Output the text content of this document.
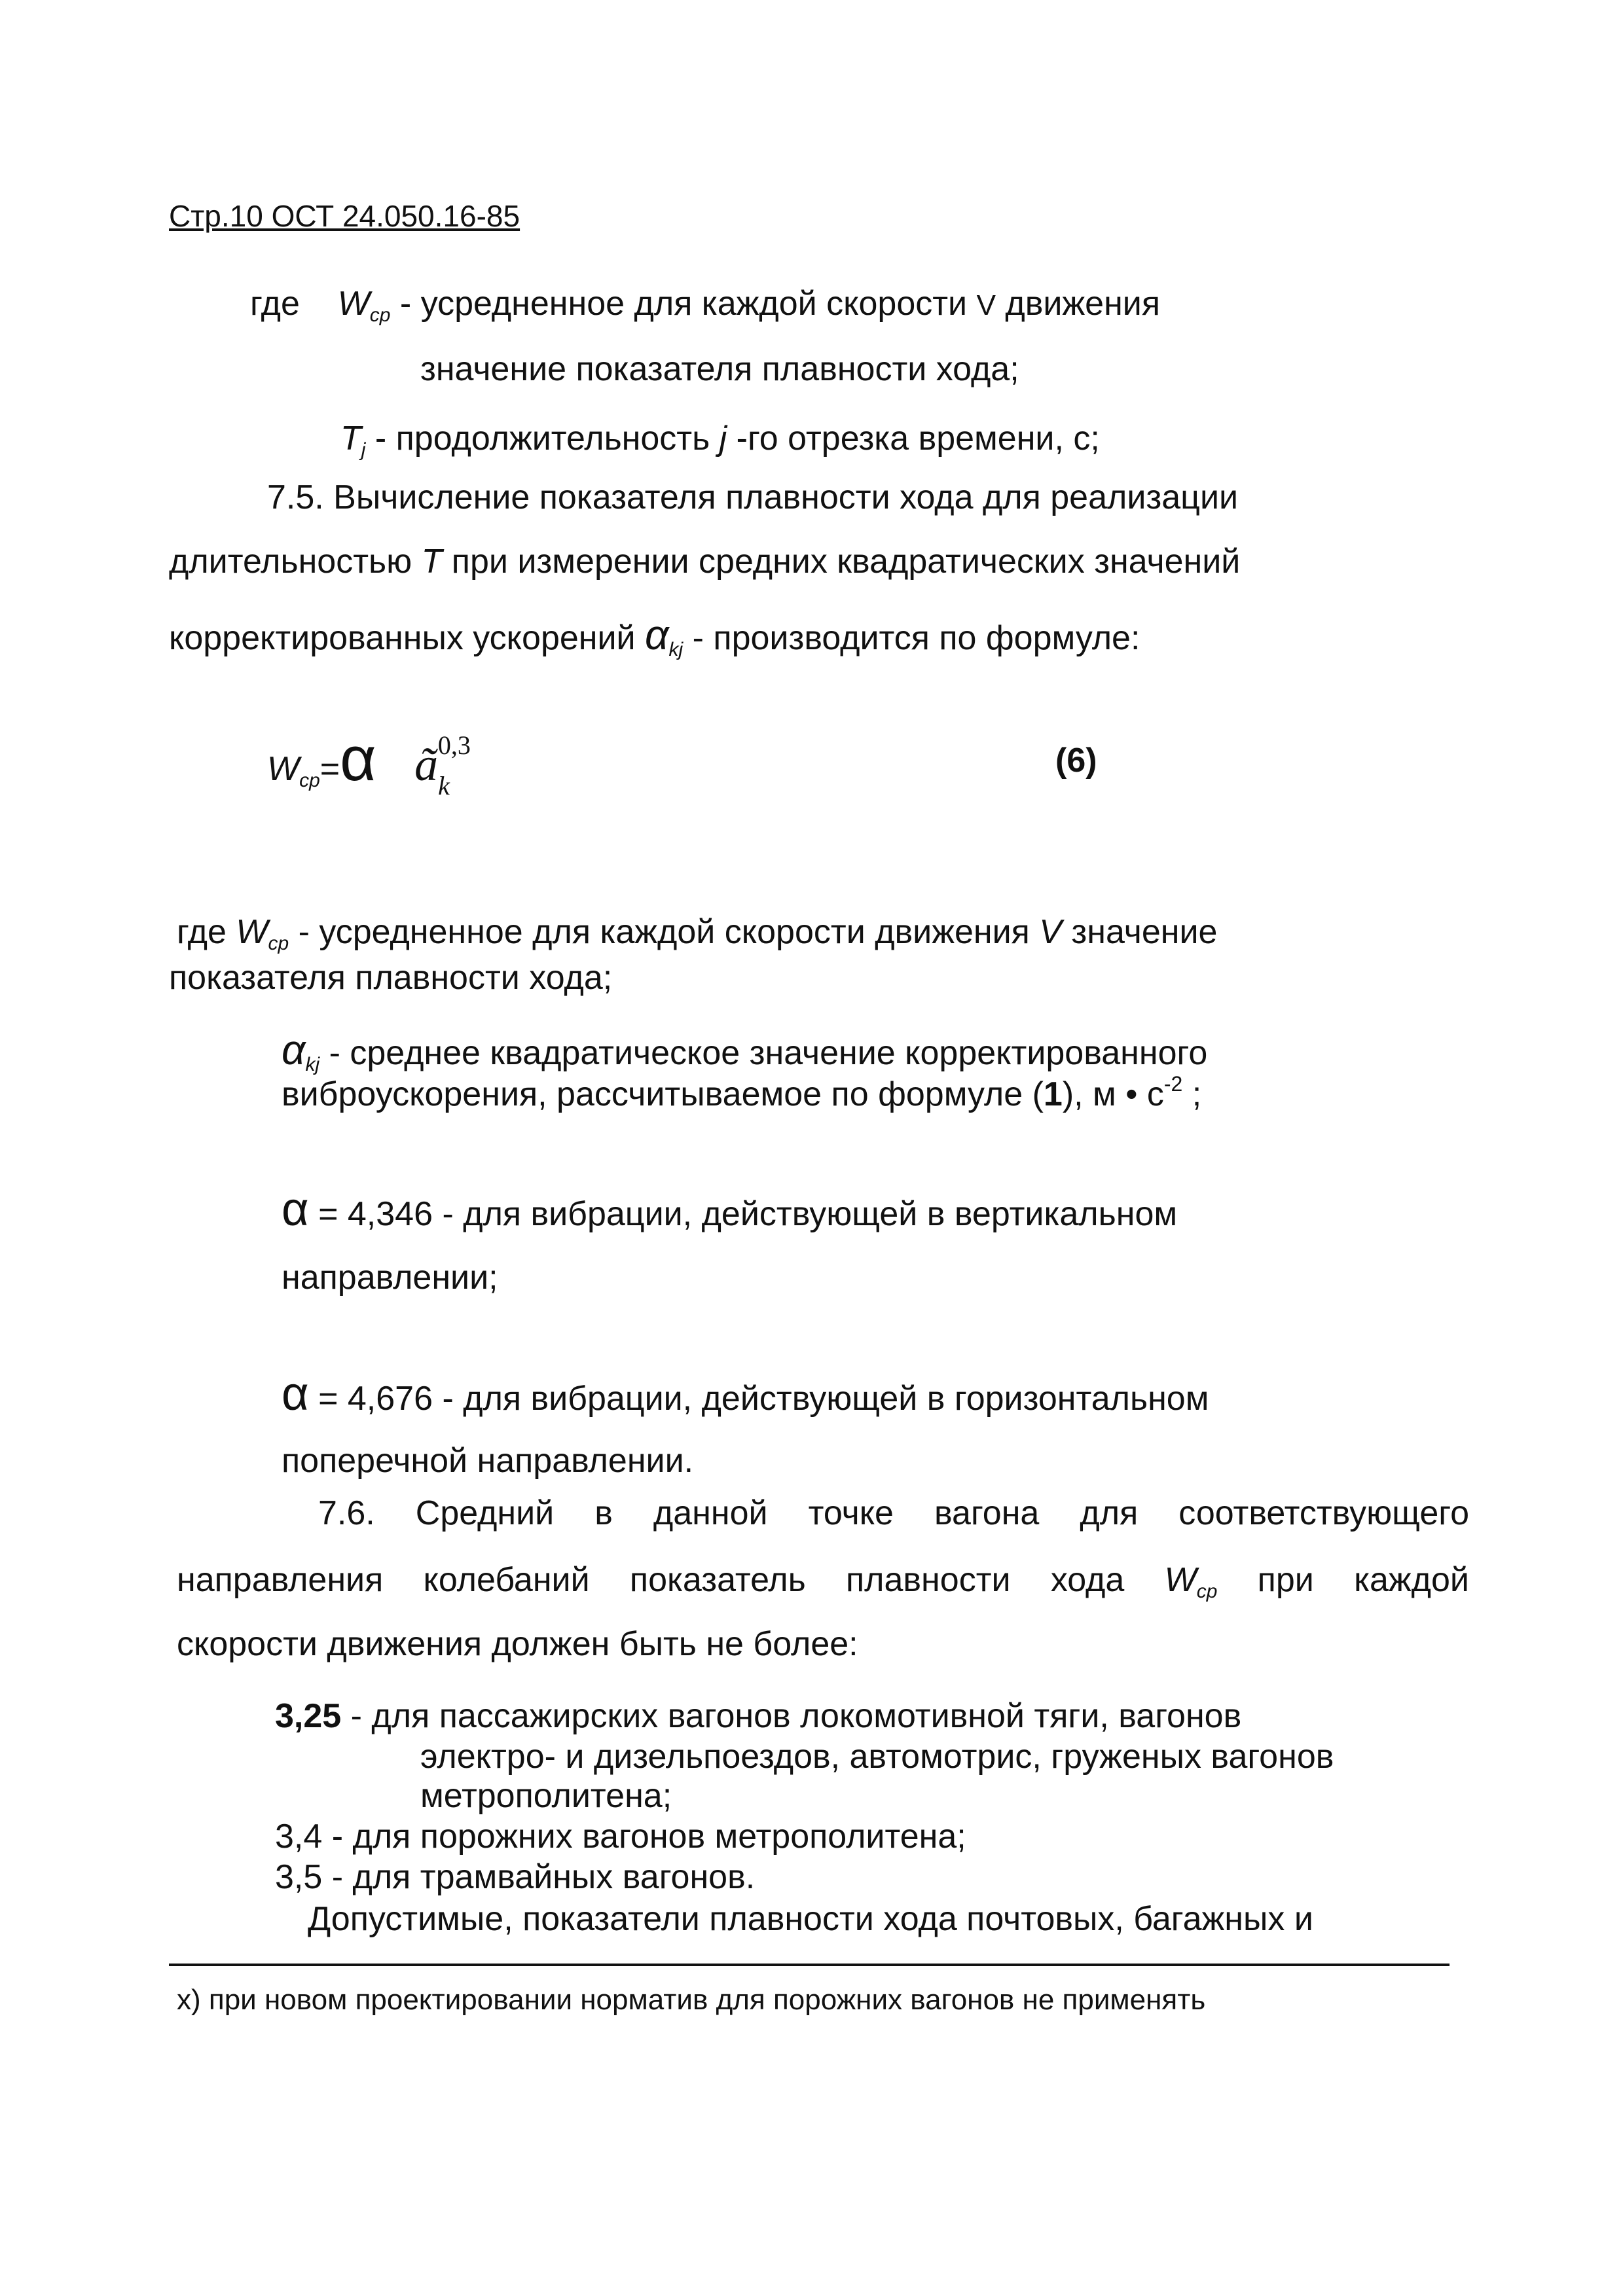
Стр.10 ОСТ 24.050.16-85
где $W_{ср}$ - усредненное для каждой скорости V движения
значение показателя плавности хода;
$T_j$ - продолжительность j -го отрезка времени, с;
7.5. Вычисление показателя плавности хода для реализации
длительностью T при измерении средних квадратических значений
корректированных ускорений $\alpha_{kj}$ - производится по формуле:
$W_{ср}=\alpha$ $ã_k^{0,3}$	(6)
где $W_{ср}$ - усредненное для каждой скорости движения V значение
показателя плавности хода;
$\alpha_{kj}$ - среднее квадратическое значение корректированного
виброускорения, рассчитываемое по формуле (1), м • $с^{-2}$ ;
α = 4,346 - для вибрации, действующей в вертикальном
направлении;
α = 4,676 - для вибрации, действующей в горизонтальном
поперечной направлении.
7.6. Средний в данной точке вагона для соответствующего
направления колебаний показатель плавности хода $W_{ср}$ при каждой
скорости движения должен быть не более:
3,25 - для пассажирских вагонов локомотивной тяги, вагонов
электро- и дизельпоездов, автомотрис, груженых вагонов
метрополитена;
3,4 - для порожних вагонов метрополитена;
3,5 - для трамвайных вагонов.
Допустимые, показатели плавности хода почтовых, багажных и
х) при новом проектировании норматив для порожних вагонов не применять
